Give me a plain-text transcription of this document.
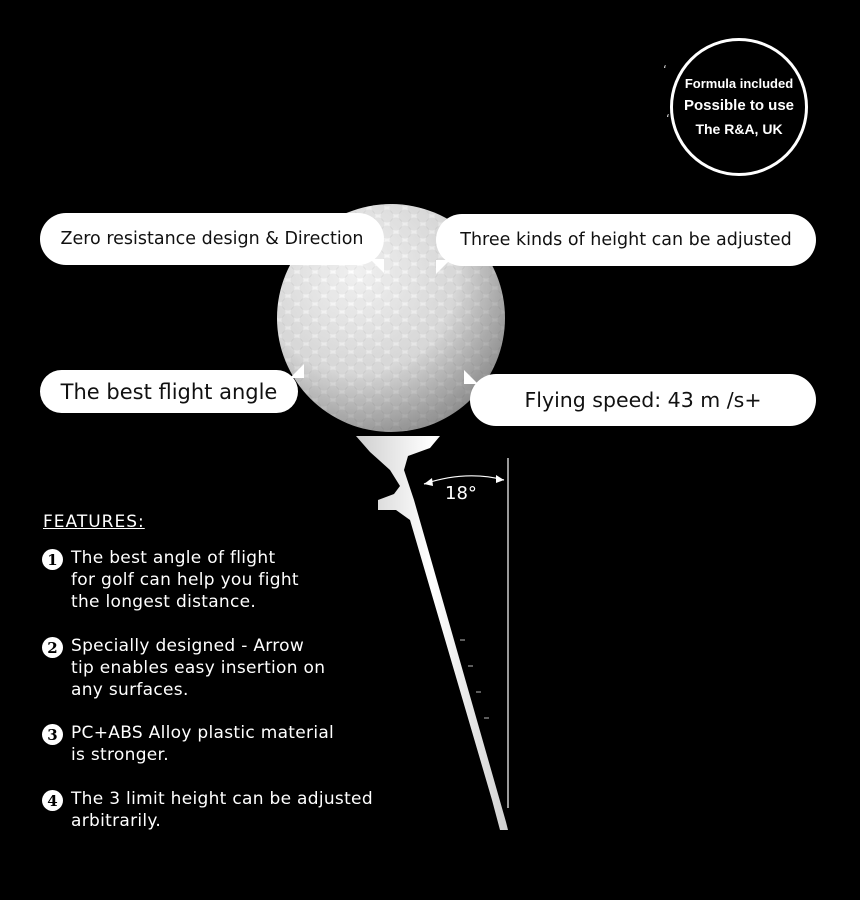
ʻ
ʻ
Formula included
Possible to use
The R&A, UK
Zero resistance design & Direction	Three kinds of height can be adjusted
The best flight angle	Flying speed: 43 m /s+
18°
FEATURES:
1 The best angle of flight
for golf can help you fight
the longest distance.
2 Specially designed - Arrow
tip enables easy insertion on
any surfaces.
3 PC+ABS Alloy plastic material
is stronger.
4 The 3 limit height can be adjusted
arbitrarily.
